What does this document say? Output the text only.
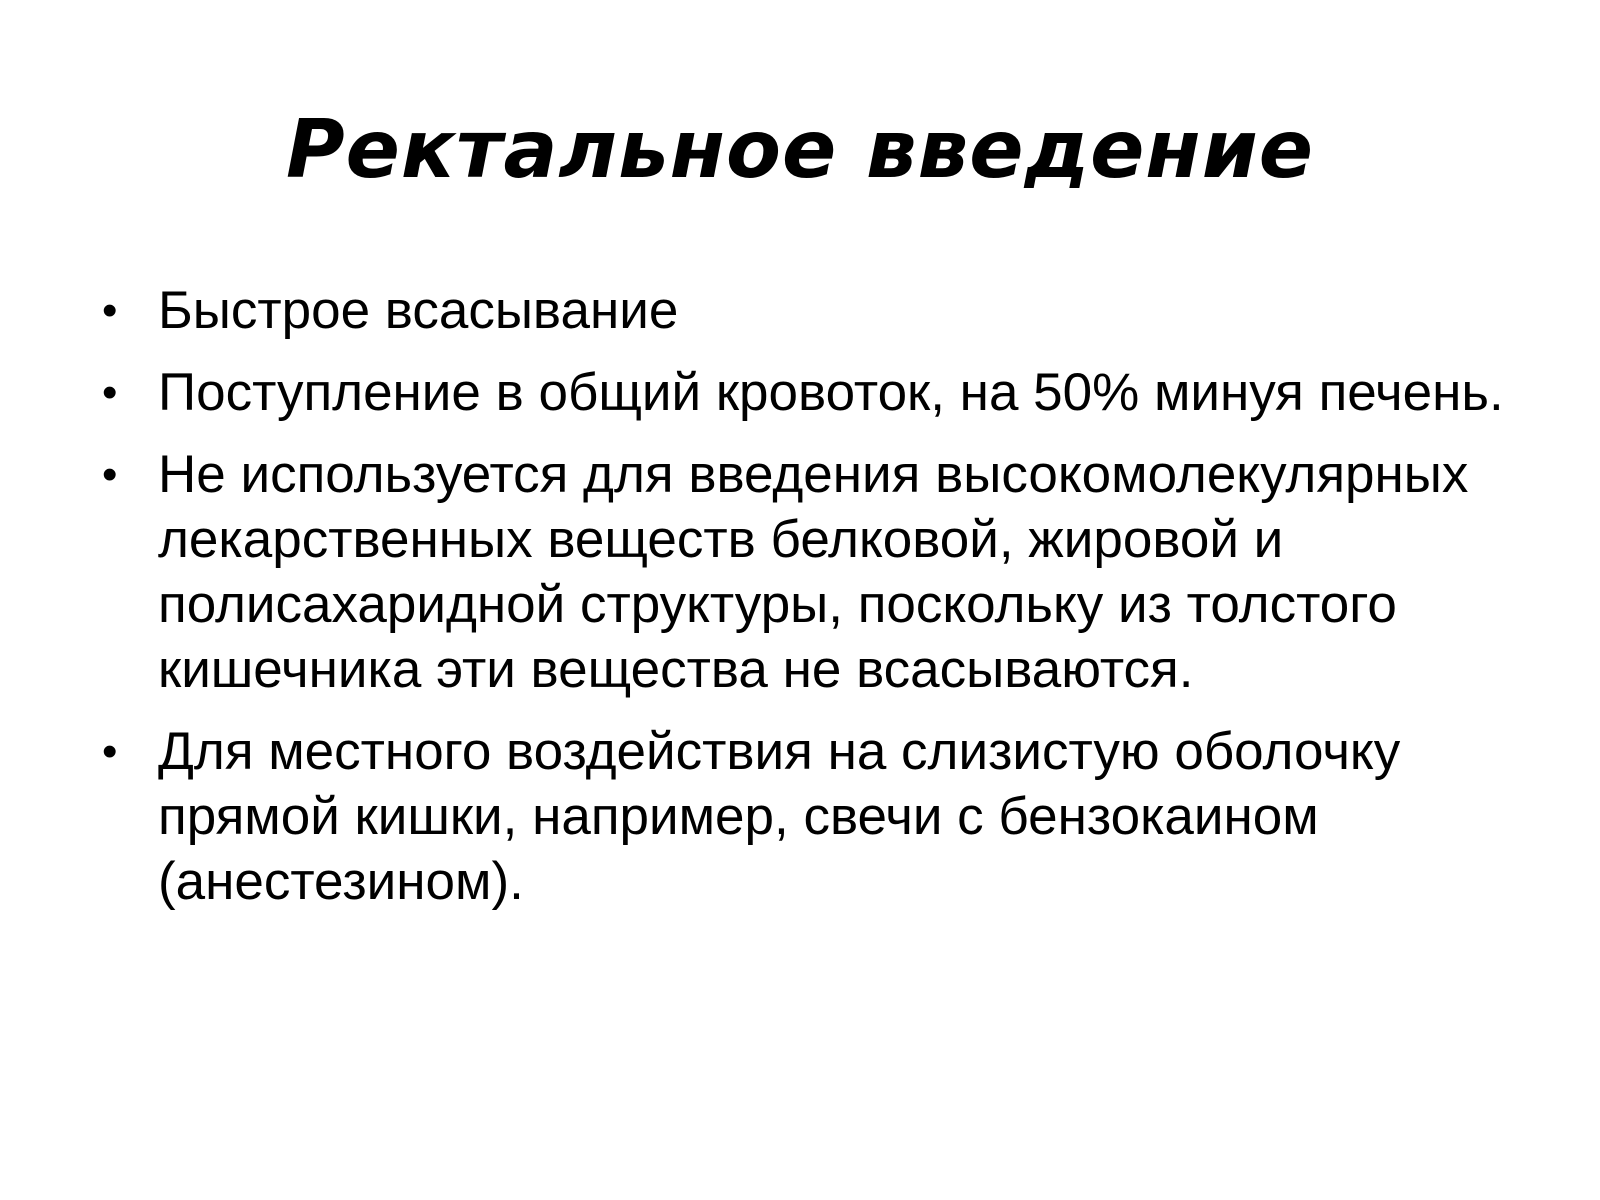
Ректальное введение
• Быстрое всасывание
• Поступление в общий кровоток, на 50% минуя печень.
• Не используется для введения высокомолекулярных лекарственных веществ белковой, жировой и полисахаридной структуры, поскольку из толстого кишечника эти вещества не всасываются.
• Для местного воздействия на слизистую оболочку прямой кишки, например, свечи с бензокаином (анестезином).
